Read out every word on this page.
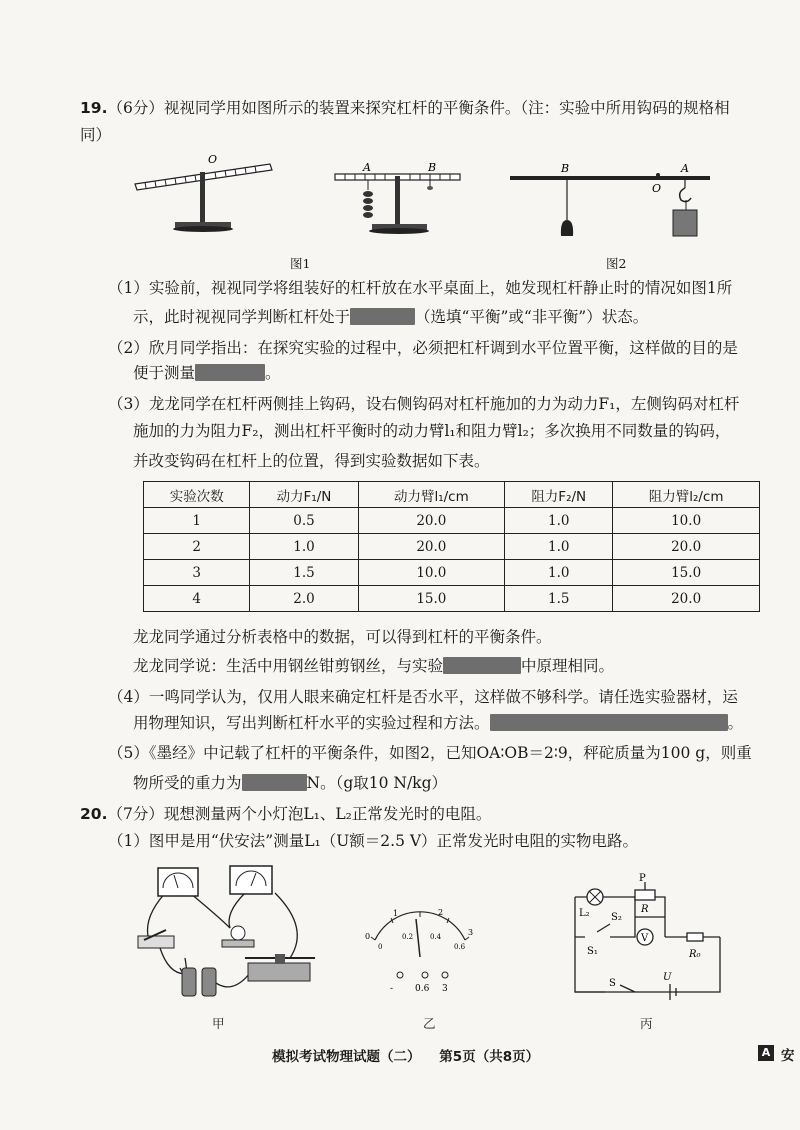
19.（6分）视视同学用如图所示的装置来探究杠杆的平衡条件。（注：实验中所用钩码的规格相
同）
O
A	B
图1
B
O
A
图2
（1）实验前，视视同学将组装好的杠杆放在水平桌面上，她发现杠杆静止时的情况如图1所
示，此时视视同学判断杠杆处于	（选填“平衡”或“非平衡”）状态。
（2）欣月同学指出：在探究实验的过程中，必须把杠杆调到水平位置平衡，这样做的目的是
便于测量	。
（3）龙龙同学在杠杆两侧挂上钩码，设右侧钩码对杠杆施加的力为动力F₁，左侧钩码对杠杆
施加的力为阻力F₂，测出杠杆平衡时的动力臂l₁和阻力臂l₂；多次换用不同数量的钩码，
并改变钩码在杠杆上的位置，得到实验数据如下表。
实验次数	动力F₁/N	动力臂l₁/cm	阻力F₂/N	阻力臂l₂/cm
1	0.5	20.0	1.0	10.0
2	1.0	20.0	1.0	20.0
3	1.5	10.0	1.0	15.0
4	2.0	15.0	1.5	20.0
龙龙同学通过分析表格中的数据，可以得到杠杆的平衡条件。
龙龙同学说：生活中用钢丝钳剪钢丝，与实验	中原理相同。
（4）一鸣同学认为，仅用人眼来确定杠杆是否水平，这样做不够科学。请任选实验器材，运
用物理知识，写出判断杠杆水平的实验过程和方法。	。
（5）《墨经》中记载了杠杆的平衡条件，如图2，已知OA∶OB＝2∶9，秤砣质量为100 g，则重
物所受的重力为	N。（g取10 N/kg）
20.（7分）现想测量两个小灯泡L₁、L₂正常发光时的电阻。
（1）图甲是用“伏安法”测量L₁（U额＝2.5 V）正常发光时电阻的实物电路。
甲
0
1	2
3
0
0.2 0.4
0.6
- 0.6 3
乙
V
L₂ S₂
S₁
P
R
R₀
S
U
丙
模拟考试物理试题（二）    第5页（共8页）	A 安
